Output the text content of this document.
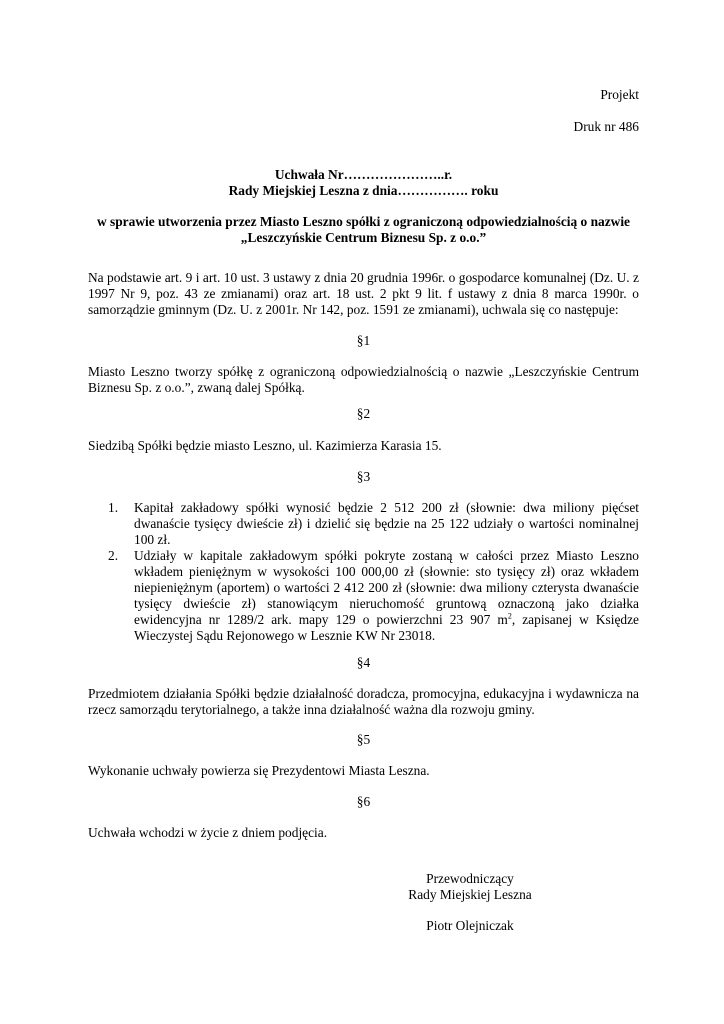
Projekt
Druk nr 486
Uchwała Nr…………………..r.
Rady Miejskiej Leszna z dnia……………. roku
w sprawie utworzenia przez Miasto Leszno spółki z ograniczoną odpowiedzialnością o nazwie
„Leszczyńskie Centrum Biznesu Sp. z o.o.”
Na podstawie art. 9 i art. 10 ust. 3 ustawy z dnia 20 grudnia 1996r. o gospodarce komunalnej (Dz. U. z 1997 Nr 9, poz. 43 ze zmianami) oraz art. 18 ust. 2 pkt 9 lit. f ustawy z dnia 8 marca 1990r. o samorządzie gminnym (Dz. U. z 2001r. Nr 142, poz. 1591 ze zmianami), uchwala się co następuje:
§1
Miasto Leszno tworzy spółkę z ograniczoną odpowiedzialnością o nazwie „Leszczyńskie Centrum Biznesu Sp. z o.o.”, zwaną dalej Spółką.
§2
Siedzibą Spółki będzie miasto Leszno, ul. Kazimierza Karasia 15.
§3
1. Kapitał zakładowy spółki wynosić będzie 2 512 200 zł (słownie: dwa miliony pięćset dwanaście tysięcy dwieście zł) i dzielić się będzie na 25 122 udziały o wartości nominalnej 100 zł.
2. Udziały w kapitale zakładowym spółki pokryte zostaną w całości przez Miasto Leszno wkładem pieniężnym w wysokości 100 000,00 zł (słownie: sto tysięcy zł) oraz wkładem niepieniężnym (aportem) o wartości 2 412 200 zł (słownie: dwa miliony czterysta dwanaście tysięcy dwieście zł) stanowiącym nieruchomość gruntową oznaczoną jako działka ewidencyjna nr 1289/2 ark. mapy 129 o powierzchni 23 907 $m^2$, zapisanej w Księdze Wieczystej Sądu Rejonowego w Lesznie KW Nr 23018.
§4
Przedmiotem działania Spółki będzie działalność doradcza, promocyjna, edukacyjna i wydawnicza na rzecz samorządu terytorialnego, a także inna działalność ważna dla rozwoju gminy.
§5
Wykonanie uchwały powierza się Prezydentowi Miasta Leszna.
§6
Uchwała wchodzi w życie z dniem podjęcia.
Przewodniczący
Rady Miejskiej Leszna
Piotr Olejniczak
